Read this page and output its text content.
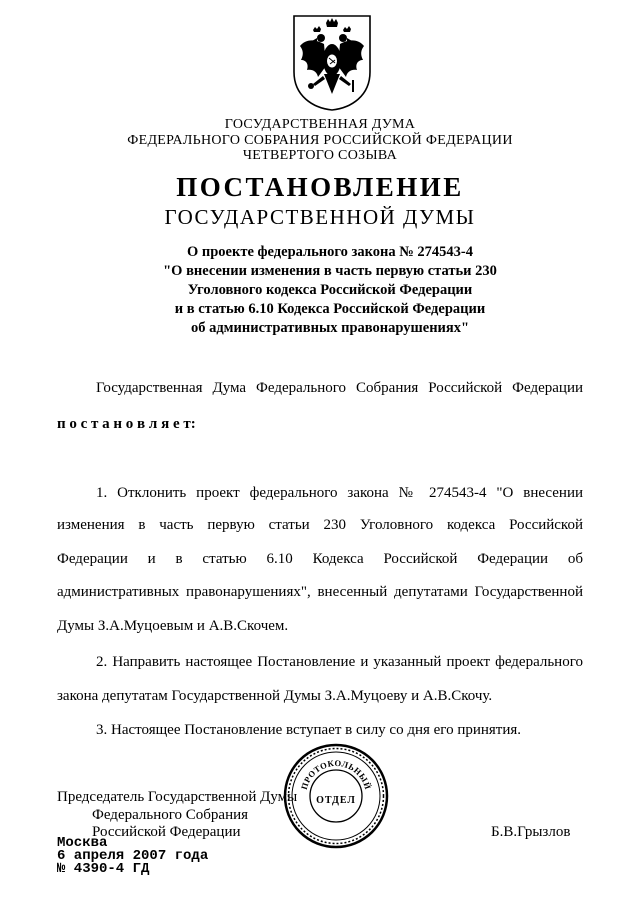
ГОСУДАРСТВЕННАЯ ДУМА
ФЕДЕРАЛЬНОГО СОБРАНИЯ РОССИЙСКОЙ ФЕДЕРАЦИИ
ЧЕТВЕРТОГО СОЗЫВА
ПОСТАНОВЛЕНИЕ
ГОСУДАРСТВЕННОЙ ДУМЫ
О проекте федерального закона № 274543-4
"О внесении изменения в часть первую статьи 230
Уголовного кодекса Российской Федерации
и в статью 6.10 Кодекса Российской Федерации
об административных правонарушениях"
Государственная Дума Федерального Собрания Российской Федерации
п о с т а н о в л я е т:
1. Отклонить проект федерального закона № 274543-4 "О внесении
изменения в часть первую статьи 230 Уголовного кодекса Российской
Федерации и в статью 6.10 Кодекса Российской Федерации об
административных правонарушениях", внесенный депутатами Государственной
Думы З.А.Муцоевым и А.В.Скочем.
2. Направить настоящее Постановление и указанный проект федерального
закона депутатам Государственной Думы З.А.Муцоеву и А.В.Скочу.
3. Настоящее Постановление вступает в силу со дня его принятия.
Председатель Государственной Думы
Федерального Собрания
Российской Федерации	Б.В.Грызлов
ПРОТОКОЛЬНЫЙ
ОТДЕЛ
Москва
6 апреля 2007 года
№ 4390-4 ГД
